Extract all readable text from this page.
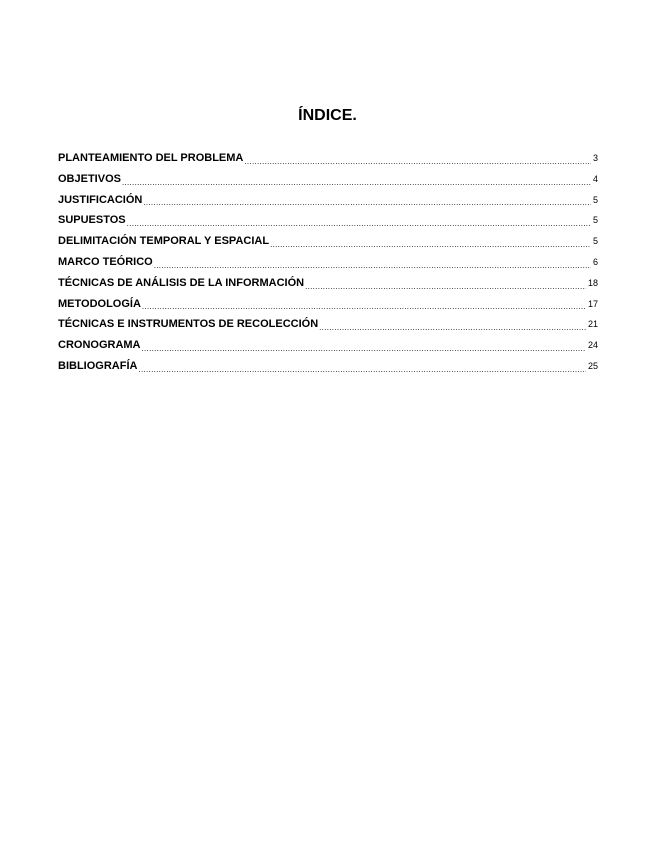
ÍNDICE.
PLANTEAMIENTO DEL PROBLEMA .....	3
OBJETIVOS .....	4
JUSTIFICACIÓN .....	5
SUPUESTOS .....	5
DELIMITACIÓN TEMPORAL Y ESPACIAL .....	5
MARCO TEÓRICO .....	6
TÉCNICAS DE ANÁLISIS DE LA INFORMACIÓN .....	18
METODOLOGÍA .....	17
TÉCNICAS E INSTRUMENTOS DE RECOLECCIÓN .....	21
CRONOGRAMA .....	24
BIBLIOGRAFÍA .....	25
